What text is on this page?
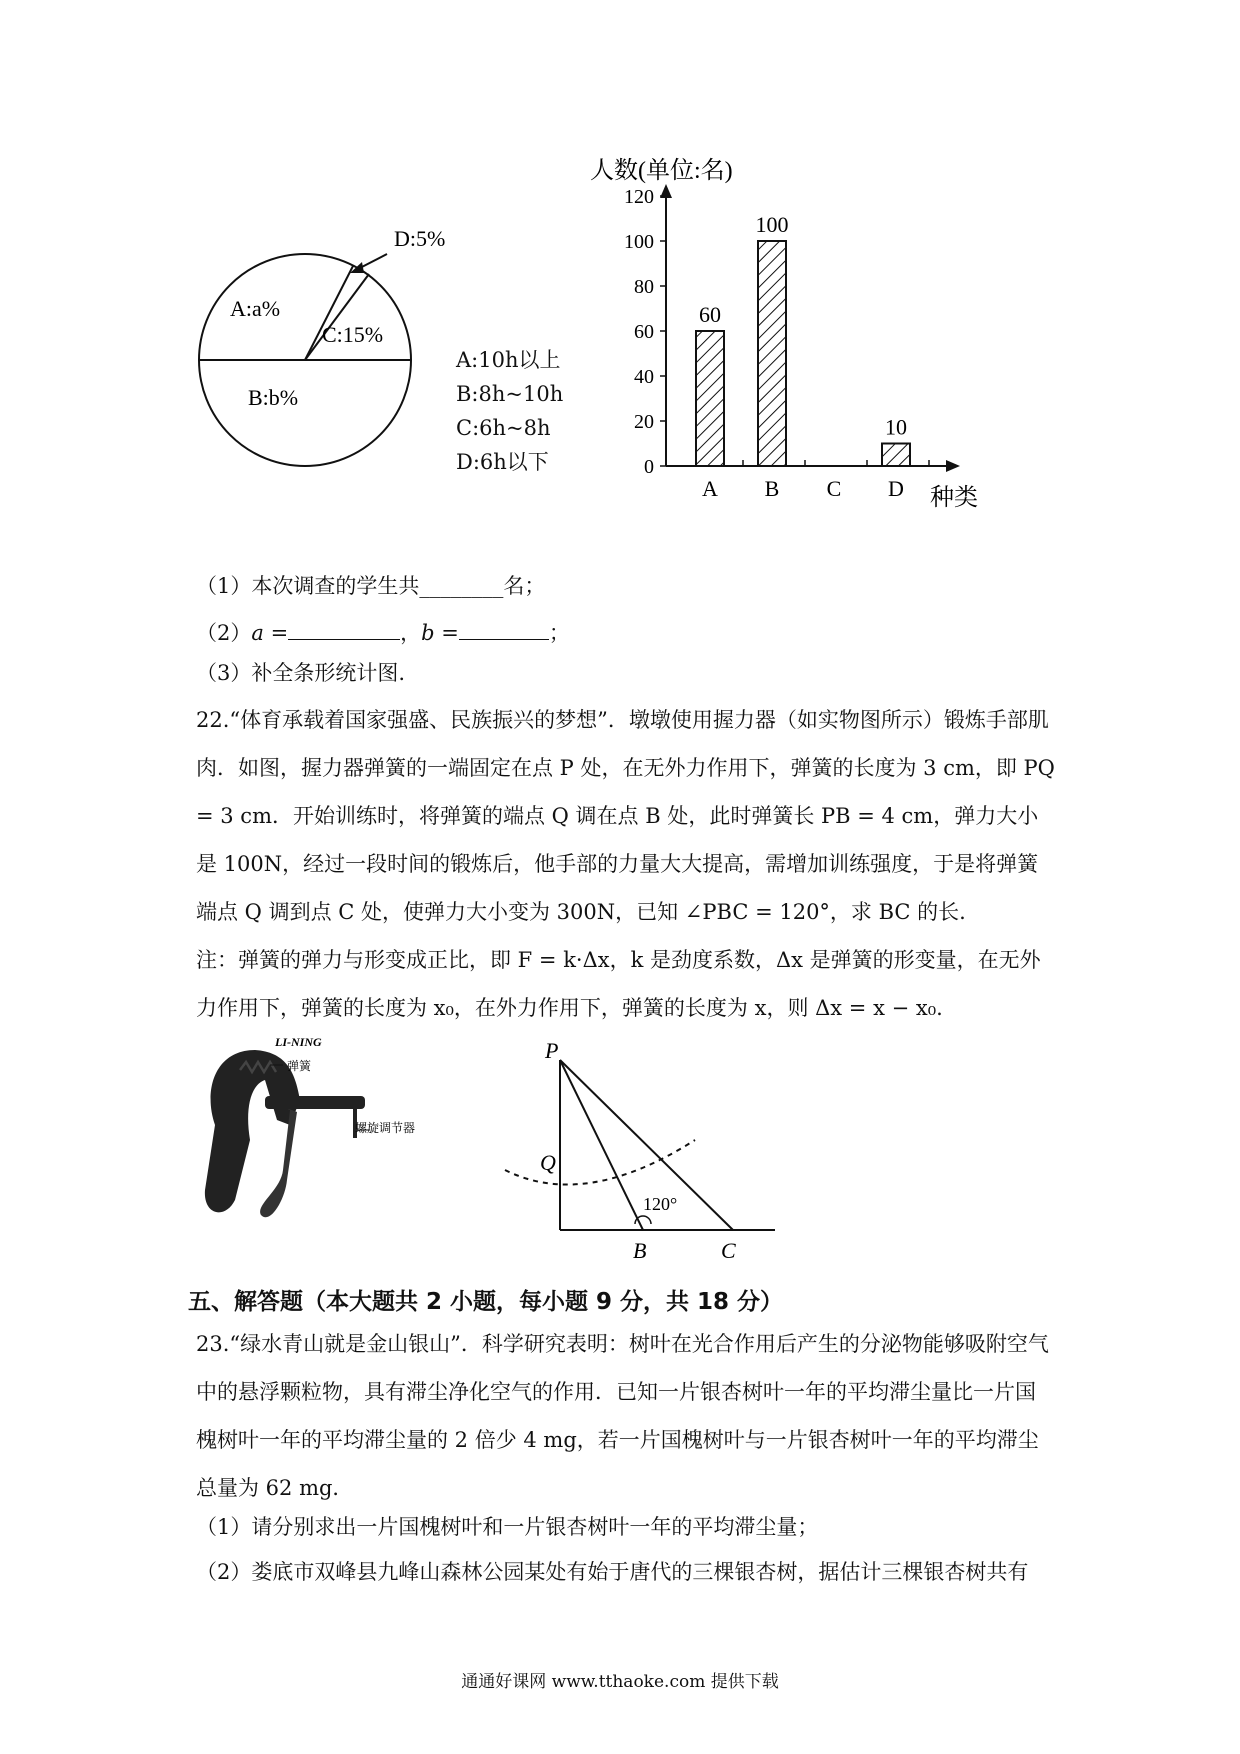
A:a%
B:b%
C:15%
D:5%
A:10h以上
B:8h~10h
C:6h~8h
D:6h以下
人数(单位:名)
种类
0
20
40
60
80
100
120
A B C D
60
100
10
（1）本次调查的学生共________名；
（2）a =	，b =	；
（3）补全条形统计图.

22.“体育承载着国家强盛、民族振兴的梦想”．墩墩使用握力器（如实物图所示）锻炼手部肌肉．如图，握力器弹簧的一端固定在点 P 处，在无外力作用下，弹簧的长度为 3 cm，即 PQ = 3 cm．开始训练时，将弹簧的端点 Q 调在点 B 处，此时弹簧长 PB = 4 cm，弹力大小是 100N，经过一段时间的锻炼后，他手部的力量大大提高，需增加训练强度，于是将弹簧端点 Q 调到点 C 处，使弹力大小变为 300N，已知 ∠PBC = 120°，求 BC 的长.

注：弹簧的弹力与形变成正比，即 F = k·Δx，k 是劲度系数，Δx 是弹簧的形变量，在无外力作用下，弹簧的长度为 x₀，在外力作用下，弹簧的长度为 x，则 Δx = x − x₀.

LI-NING
弹簧
螺旋调节器
P
Q
B	C
120°
五、解答题（本大题共 2 小题，每小题 9 分，共 18 分）

23.“绿水青山就是金山银山”．科学研究表明：树叶在光合作用后产生的分泌物能够吸附空气中的悬浮颗粒物，具有滞尘净化空气的作用．已知一片银杏树叶一年的平均滞尘量比一片国槐树叶一年的平均滞尘量的 2 倍少 4 mg，若一片国槐树叶与一片银杏树叶一年的平均滞尘总量为 62 mg．

（1）请分别求出一片国槐树叶和一片银杏树叶一年的平均滞尘量；
（2）娄底市双峰县九峰山森林公园某处有始于唐代的三棵银杏树，据估计三棵银杏树共有
通通好课网 www.tthaoke.com 提供下载
